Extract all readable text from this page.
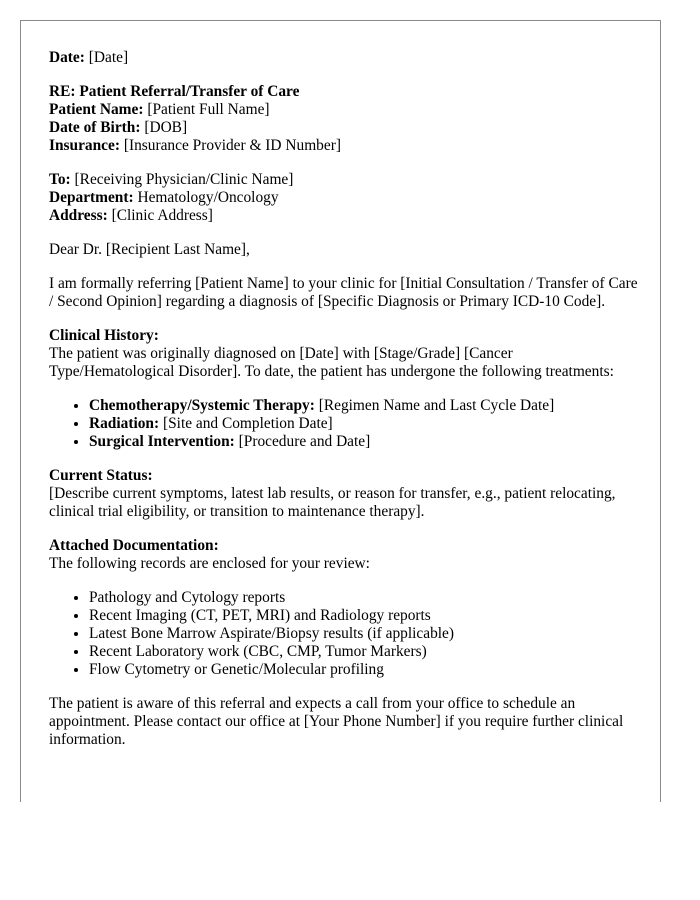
Date: [Date]

RE: Patient Referral/Transfer of Care
Patient Name: [Patient Full Name]
Date of Birth: [DOB]
Insurance: [Insurance Provider & ID Number]

To: [Receiving Physician/Clinic Name]
Department: Hematology/Oncology
Address: [Clinic Address]

Dear Dr. [Recipient Last Name],

I am formally referring [Patient Name] to your clinic for [Initial Consultation / Transfer of Care / Second Opinion] regarding a diagnosis of [Specific Diagnosis or Primary ICD-10 Code].

Clinical History:
The patient was originally diagnosed on [Date] with [Stage/Grade] [Cancer Type/Hematological Disorder]. To date, the patient has undergone the following treatments:

• Chemotherapy/Systemic Therapy: [Regimen Name and Last Cycle Date]
• Radiation: [Site and Completion Date]
• Surgical Intervention: [Procedure and Date]

Current Status:
[Describe current symptoms, latest lab results, or reason for transfer, e.g., patient relocating, clinical trial eligibility, or transition to maintenance therapy].

Attached Documentation:
The following records are enclosed for your review:

• Pathology and Cytology reports
• Recent Imaging (CT, PET, MRI) and Radiology reports
• Latest Bone Marrow Aspirate/Biopsy results (if applicable)
• Recent Laboratory work (CBC, CMP, Tumor Markers)
• Flow Cytometry or Genetic/Molecular profiling

The patient is aware of this referral and expects a call from your office to schedule an appointment. Please contact our office at [Your Phone Number] if you require further clinical information.
